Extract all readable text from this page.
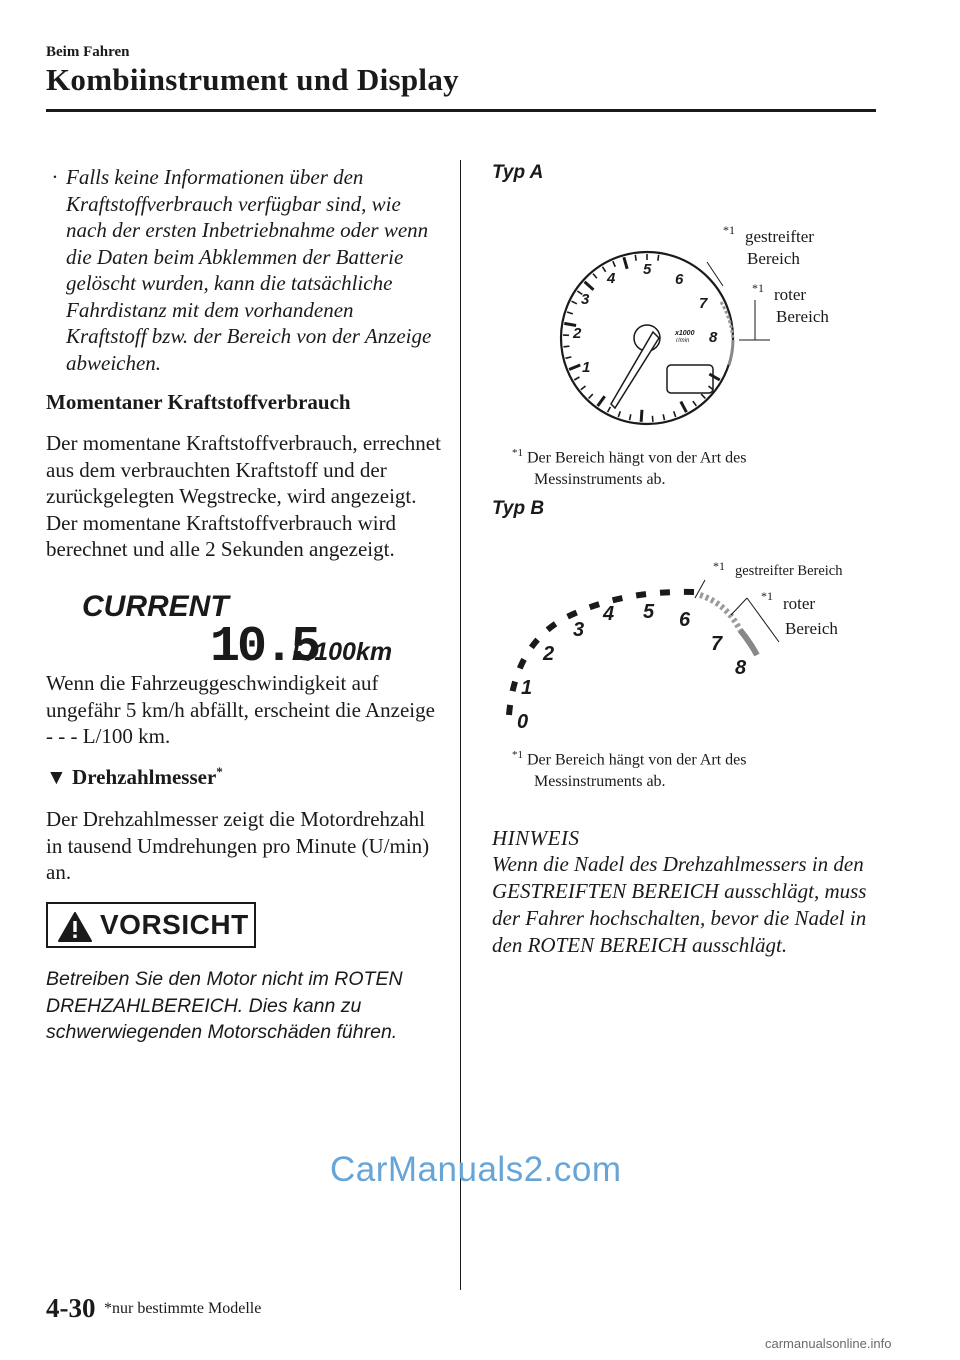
Beim Fahren
Kombiinstrument und Display
· Falls keine Informationen über den Kraftstoffverbrauch verfügbar sind, wie nach der ersten Inbetriebnahme oder wenn die Daten beim Abklemmen der Batterie gelöscht wurden, kann die tatsächliche Fahrdistanz mit dem vorhandenen Kraftstoff bzw. der Bereich von der Anzeige abweichen.
Momentaner Kraftstoffverbrauch
Der momentane Kraftstoffverbrauch, errechnet aus dem verbrauchten Kraftstoff und der zurückgelegten Wegstrecke, wird angezeigt.
Der momentane Kraftstoffverbrauch wird berechnet und alle 2 Sekunden angezeigt.
CURRENT
10.5
L/100km
Wenn die Fahrzeuggeschwindigkeit auf ungefähr 5 km/h abfällt, erscheint die Anzeige - - - L/100 km.
▼ Drehzahlmesser*
Der Drehzahlmesser zeigt die Motordrehzahl in tausend Umdrehungen pro Minute (U/min) an.
VORSICHT
Betreiben Sie den Motor nicht im ROTEN DREHZAHLBEREICH. Dies kann zu schwerwiegenden Motorschäden führen.
Typ A
1
2
3
4
5
6
7
8
x1000
r/min
*1 gestreifter
Bereich
*1 roter
Bereich
$^{*1}$ Der Bereich hängt von der Art des
Messinstruments ab.
Typ B
0
1
2
3
4 5 6
7
8
*1 gestreifter Bereich
*1 roter
Bereich
$^{*1}$ Der Bereich hängt von der Art des
Messinstruments ab.
HINWEIS
Wenn die Nadel des Drehzahlmessers in den GESTREIFTEN BEREICH ausschlägt, muss der Fahrer hochschalten, bevor die Nadel in den ROTEN BEREICH ausschlägt.
4-30 *nur bestimmte Modelle
CarManuals2.com
carmanualsonline.info
